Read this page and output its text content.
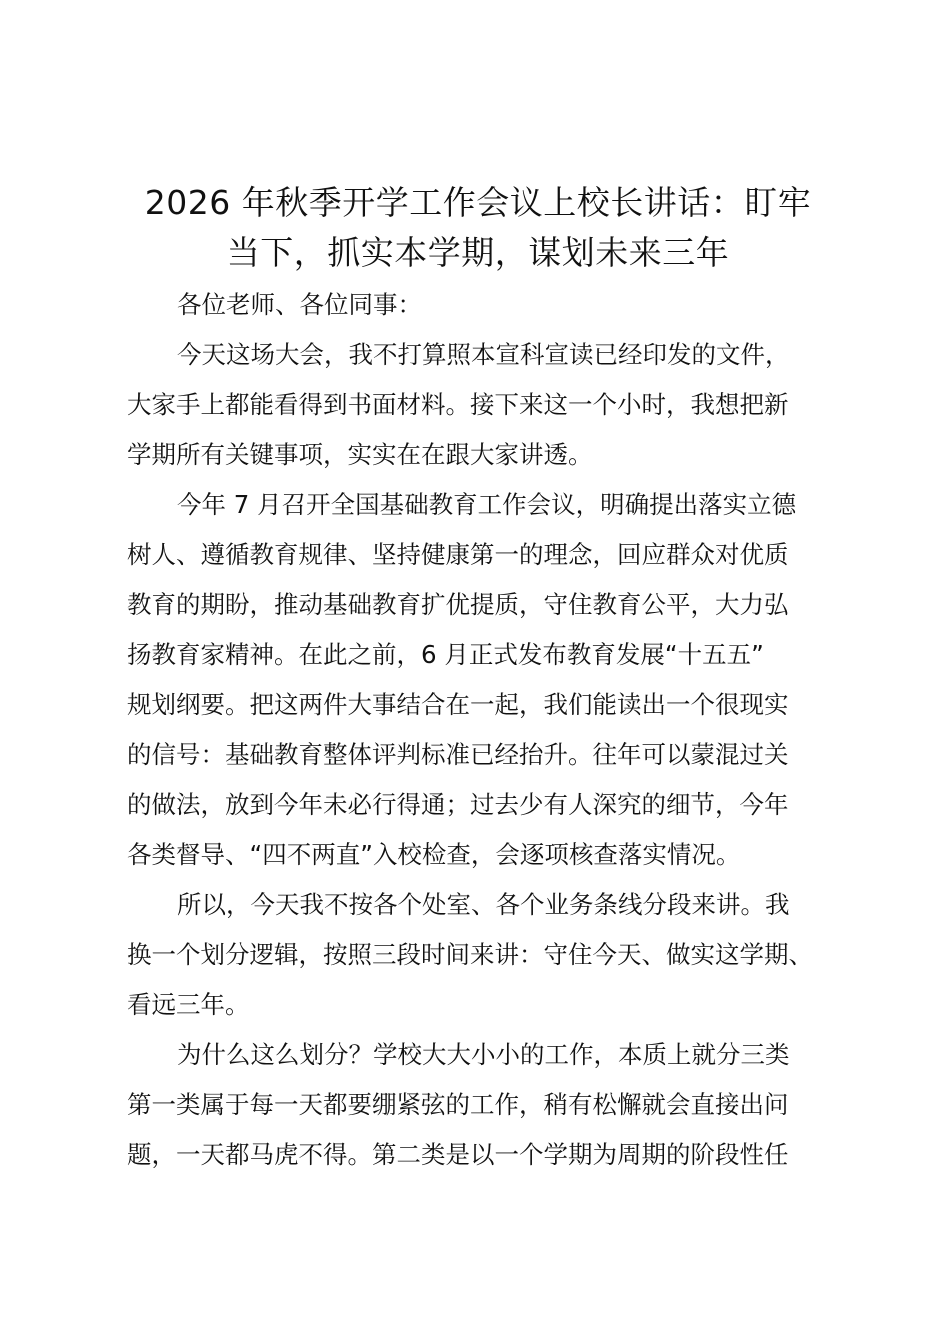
2026 年秋季开学工作会议上校长讲话：盯牢
当下，抓实本学期，谋划未来三年

各位老师、各位同事：

今天这场大会，我不打算照本宣科宣读已经印发的文件，
大家手上都能看得到书面材料。接下来这一个小时，我想把新
学期所有关键事项，实实在在跟大家讲透。

今年 7 月召开全国基础教育工作会议，明确提出落实立德
树人、遵循教育规律、坚持健康第一的理念，回应群众对优质
教育的期盼，推动基础教育扩优提质，守住教育公平，大力弘
扬教育家精神。在此之前，6 月正式发布教育发展“十五五”
规划纲要。把这两件大事结合在一起，我们能读出一个很现实
的信号：基础教育整体评判标准已经抬升。往年可以蒙混过关
的做法，放到今年未必行得通；过去少有人深究的细节，今年
各类督导、“四不两直”入校检查，会逐项核查落实情况。

所以，今天我不按各个处室、各个业务条线分段来讲。我
换一个划分逻辑，按照三段时间来讲：守住今天、做实这学期、
看远三年。

为什么这么划分？学校大大小小的工作，本质上就分三类
第一类属于每一天都要绷紧弦的工作，稍有松懈就会直接出问
题，一天都马虎不得。第二类是以一个学期为周期的阶段性任
